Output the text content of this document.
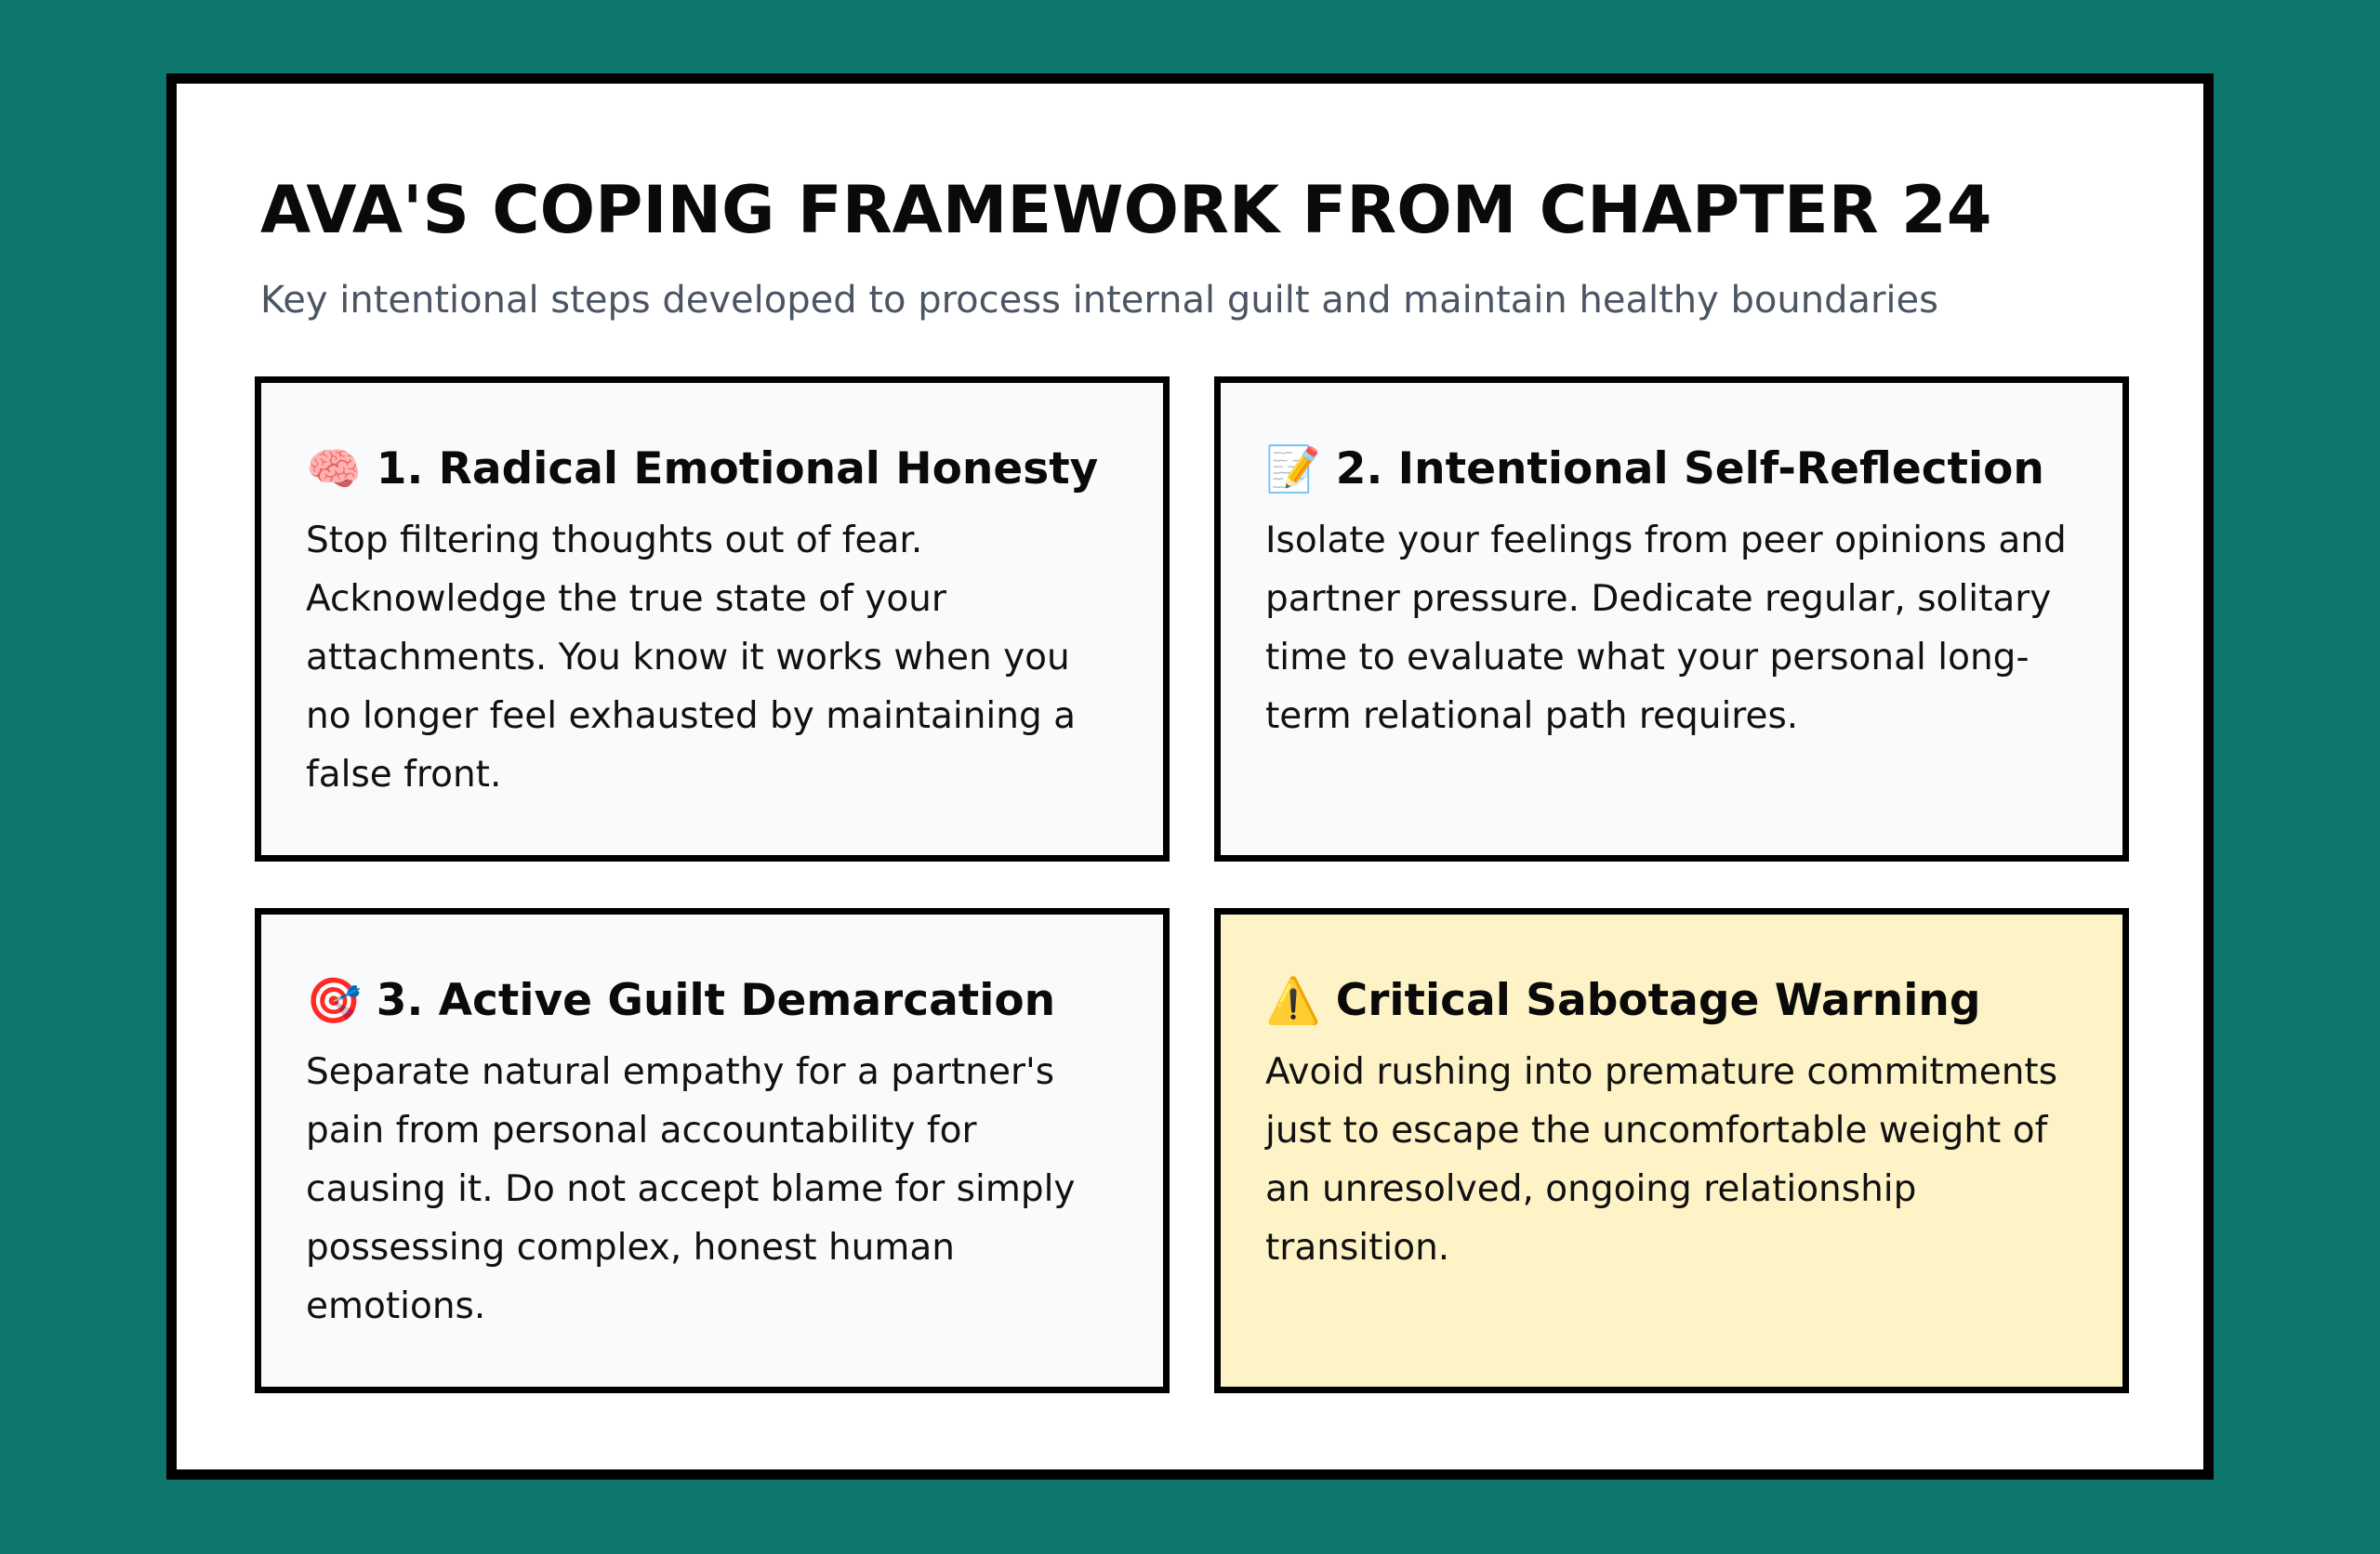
AVA'S COPING FRAMEWORK FROM CHAPTER 24

Key intentional steps developed to process internal guilt and maintain healthy boundaries

🧠 1. Radical Emotional Honesty

Stop filtering thoughts out of fear. Acknowledge the true state of your attachments. You know it works when you no longer feel exhausted by maintaining a false front.

📝 2. Intentional Self-Reflection

Isolate your feelings from peer opinions and partner pressure. Dedicate regular, solitary time to evaluate what your personal long-term relational path requires.

🎯 3. Active Guilt Demarcation

Separate natural empathy for a partner's pain from personal accountability for causing it. Do not accept blame for simply possessing complex, honest human emotions.

⚠️ Critical Sabotage Warning

Avoid rushing into premature commitments just to escape the uncomfortable weight of an unresolved, ongoing relationship transition.
